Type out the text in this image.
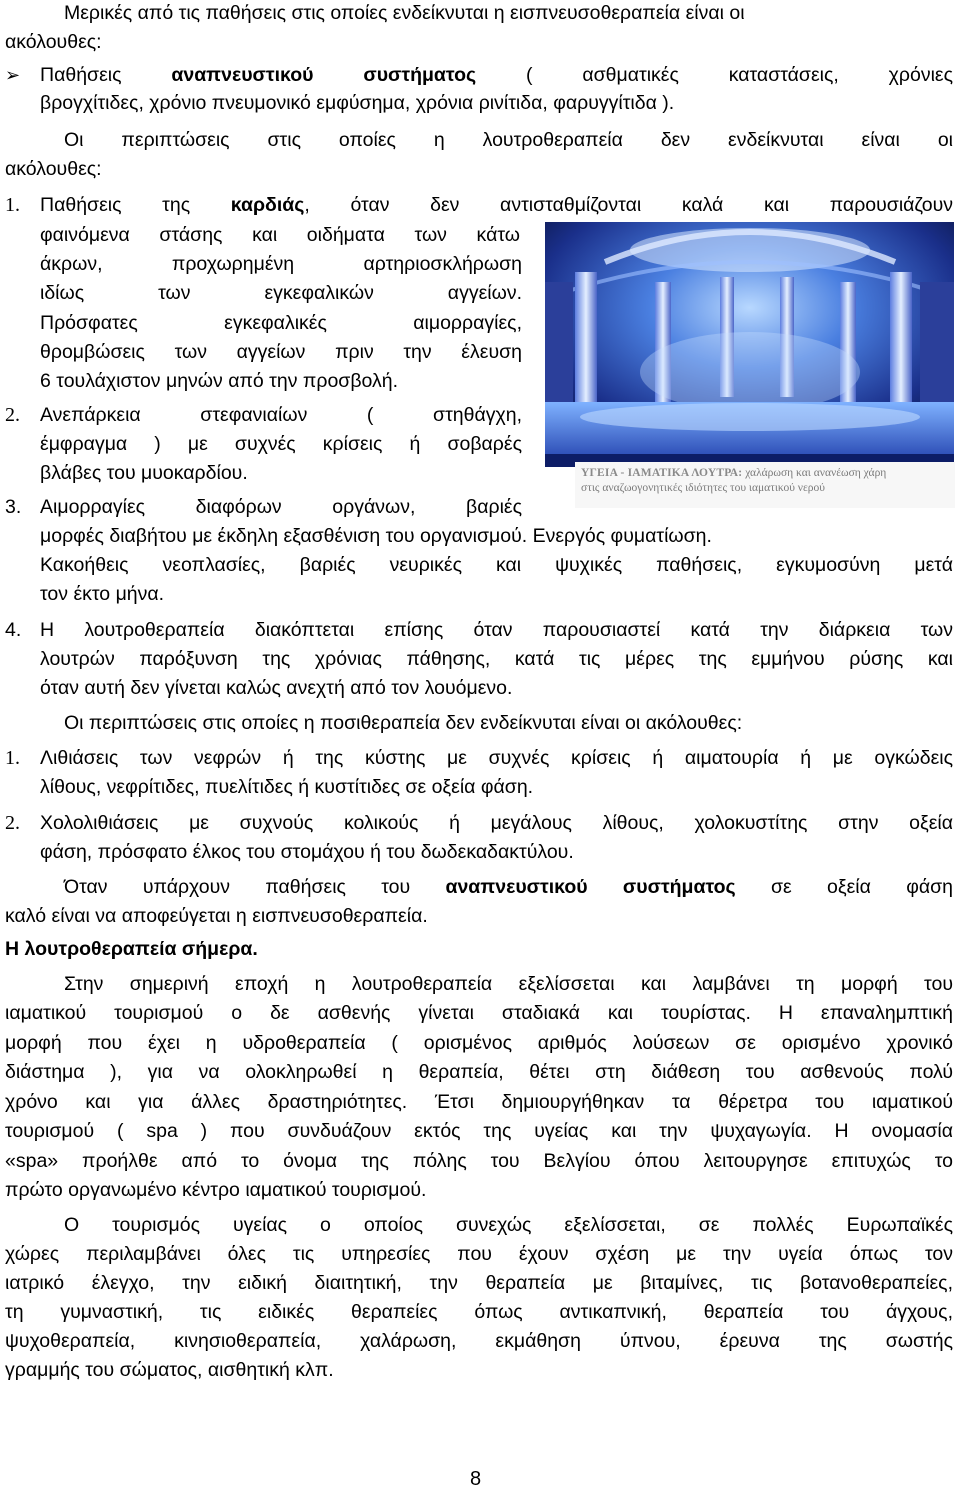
Μερικές από τις παθήσεις στις οποίες ενδείκνυται η εισπνευσοθεραπεία είναι οι
ακόλουθες:
➢ Παθήσεις αναπνευστικού συστήματος ( ασθματικές καταστάσεις, χρόνιες
βρογχίτιδες, χρόνιο πνευμονικό εμφύσημα, χρόνια ρινίτιδα, φαρυγγίτιδα ).
Οι περιπτώσεις στις οποίες η λουτροθεραπεία δεν ενδείκνυται είναι οι
ακόλουθες:
1. Παθήσεις της καρδιάς, όταν δεν αντισταθμίζονται καλά και παρουσιάζουν
φαινόμενα στάσης και οιδήματα των κάτω
άκρων, προχωρημένη αρτηριοσκλήρωση
ιδίως των εγκεφαλικών αγγείων.
Πρόσφατες εγκεφαλικές αιμορραγίες,
θρομβώσεις των αγγείων πριν την έλευση
6 τουλάχιστον μηνών από την προσβολή.
2. Ανεπάρκεια στεφανιαίων ( στηθάγχη,
έμφραγμα ) με συχνές κρίσεις ή σοβαρές
βλάβες του μυοκαρδίου.
3. Αιμορραγίες διαφόρων οργάνων, βαριές
μορφές διαβήτου με έκδηλη εξασθένιση του οργανισμού. Ενεργός φυματίωση.
Κακοήθεις νεοπλασίες, βαριές νευρικές και ψυχικές παθήσεις, εγκυμοσύνη μετά
τον έκτο μήνα.
4. Η λουτροθεραπεία διακόπτεται επίσης όταν παρουσιαστεί κατά την διάρκεια των
λουτρών παρόξυνση της χρόνιας πάθησης, κατά τις μέρες της εμμήνου ρύσης και
όταν αυτή δεν γίνεται καλώς ανεχτή από τον λουόμενο.
Οι περιπτώσεις στις οποίες η ποσιθεραπεία δεν ενδείκνυται είναι οι ακόλουθες:
1. Λιθιάσεις των νεφρών ή της κύστης με συχνές κρίσεις ή αιματουρία ή με ογκώδεις
λίθους, νεφρίτιδες, πυελίτιδες ή κυστίτιδες σε οξεία φάση.
2. Χολολιθιάσεις με συχνούς κολικούς ή μεγάλους λίθους, χολοκυστίτης στην οξεία
φάση, πρόσφατο έλκος του στομάχου ή του δωδεκαδακτύλου.
Όταν υπάρχουν παθήσεις του αναπνευστικού συστήματος σε οξεία φάση
καλό είναι να αποφεύγεται η εισπνευσοθεραπεία.
Η λουτροθεραπεία σήμερα.
Στην σημερινή εποχή η λουτροθεραπεία εξελίσσεται και λαμβάνει τη μορφή του
ιαματικού τουρισμού ο δε ασθενής γίνεται σταδιακά και τουρίστας. Η επαναλημπτική
μορφή που έχει η υδροθεραπεία ( ορισμένος αριθμός λούσεων σε ορισμένο χρονικό
διάστημα ), για να ολοκληρωθεί η θεραπεία, θέτει στη διάθεση του ασθενούς πολύ
χρόνο και για άλλες δραστηριότητες. Έτσι δημιουργήθηκαν τα θέρετρα του ιαματικού
τουρισμού ( spa ) που συνδυάζουν εκτός της υγείας και την ψυχαγωγία. Η ονομασία
«spa» προήλθε από το όνομα της πόλης του Βελγίου όπου λειτουργησε επιτυχώς το
πρώτο οργανωμένο κέντρο ιαματικού τουρισμού.
Ο τουρισμός υγείας ο οποίος συνεχώς εξελίσσεται, σε πολλές Ευρωπαϊκές
χώρες περιλαμβάνει όλες τις υπηρεσίες που έχουν σχέση με την υγεία όπως τον
ιατρικό έλεγχο, την ειδική διαιτητική, την θεραπεία με βιταμίνες, τις βοτανοθεραπείες,
τη γυμναστική, τις ειδικές θεραπείες όπως αντικαπνική, θεραπεία του άγχους,
ψυχοθεραπεία, κινησιοθεραπεία, χαλάρωση, εκμάθηση ύπνου, έρευνα της σωστής
γραμμής του σώματος, αισθητική κλπ.
ΥΓΕΙΑ - ΙΑΜΑΤΙΚΑ ΛΟΥΤΡΑ: χαλάρωση και ανανέωση χάρη
στις αναζωογονητικές ιδιότητες του ιαματικού νερού
8
